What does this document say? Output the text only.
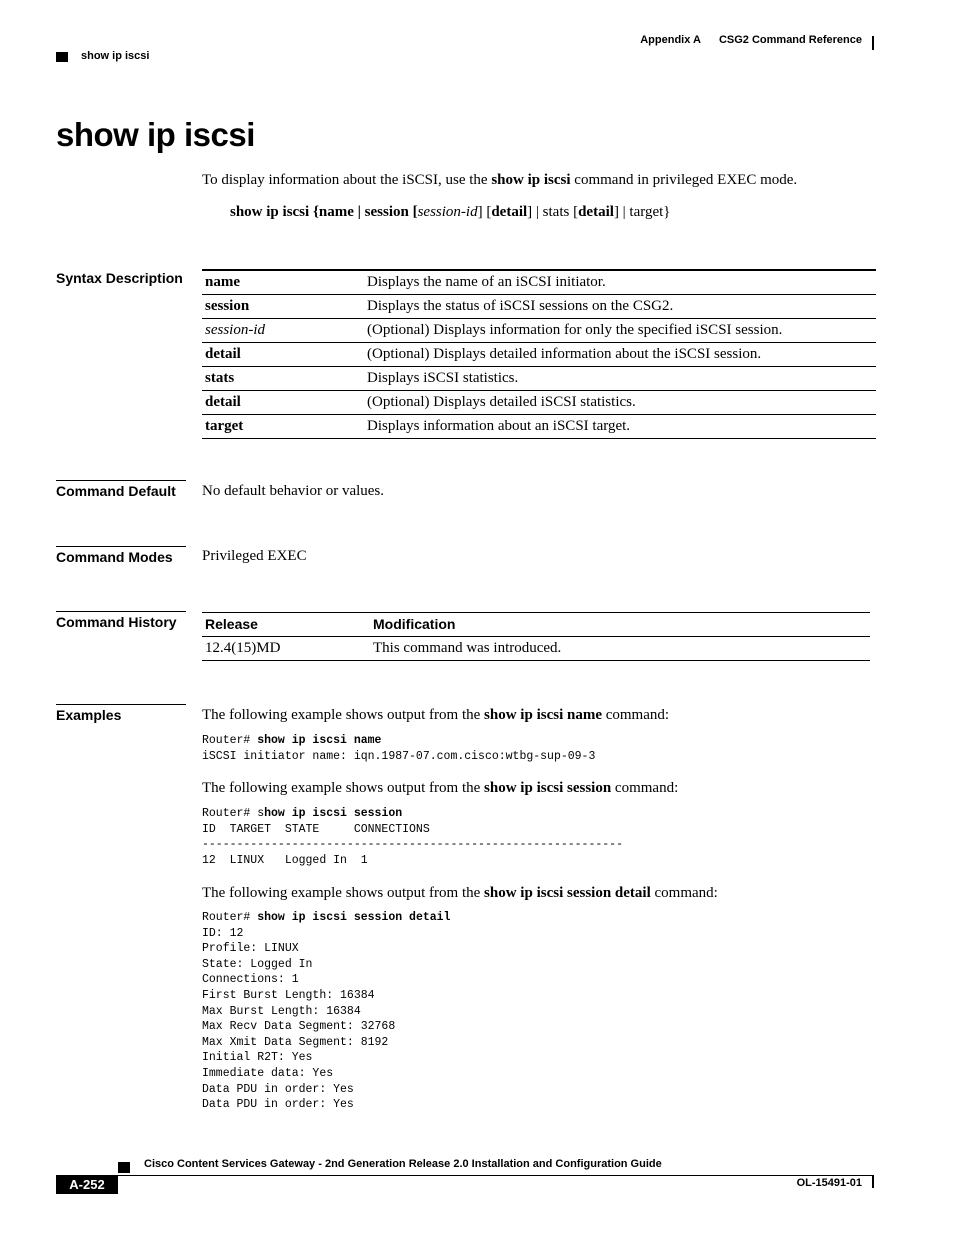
Appendix A CSG2 Command Reference
show ip iscsi
show ip iscsi
To display information about the iSCSI, use the show ip iscsi command in privileged EXEC mode.
show ip iscsi {name | session [session-id] [detail] | stats [detail] | target}
Syntax Description name	Displays the name of an iSCSI initiator.
session	Displays the status of iSCSI sessions on the CSG2.
session-id	(Optional) Displays information for only the specified iSCSI session.
detail	(Optional) Displays detailed information about the iSCSI session.
stats	Displays iSCSI statistics.
detail	(Optional) Displays detailed iSCSI statistics.
target	Displays information about an iSCSI target.
Command Default	No default behavior or values.
Command Modes	Privileged EXEC
Command History	Release	Modification
12.4(15)MD	This command was introduced.
Examples	The following example shows output from the show ip iscsi name command:
Router# show ip iscsi name
iSCSI initiator name: iqn.1987-07.com.cisco:wtbg-sup-09-3
The following example shows output from the show ip iscsi session command:
Router# show ip iscsi session
ID  TARGET  STATE     CONNECTIONS
-------------------------------------------------------------
12  LINUX   Logged In  1
The following example shows output from the show ip iscsi session detail command:
Router# show ip iscsi session detail
ID: 12
Profile: LINUX
State: Logged In
Connections: 1
First Burst Length: 16384
Max Burst Length: 16384
Max Recv Data Segment: 32768
Max Xmit Data Segment: 8192
Initial R2T: Yes
Immediate data: Yes
Data PDU in order: Yes
Data PDU in order: Yes
Cisco Content Services Gateway - 2nd Generation Release 2.0 Installation and Configuration Guide
A-252	OL-15491-01
